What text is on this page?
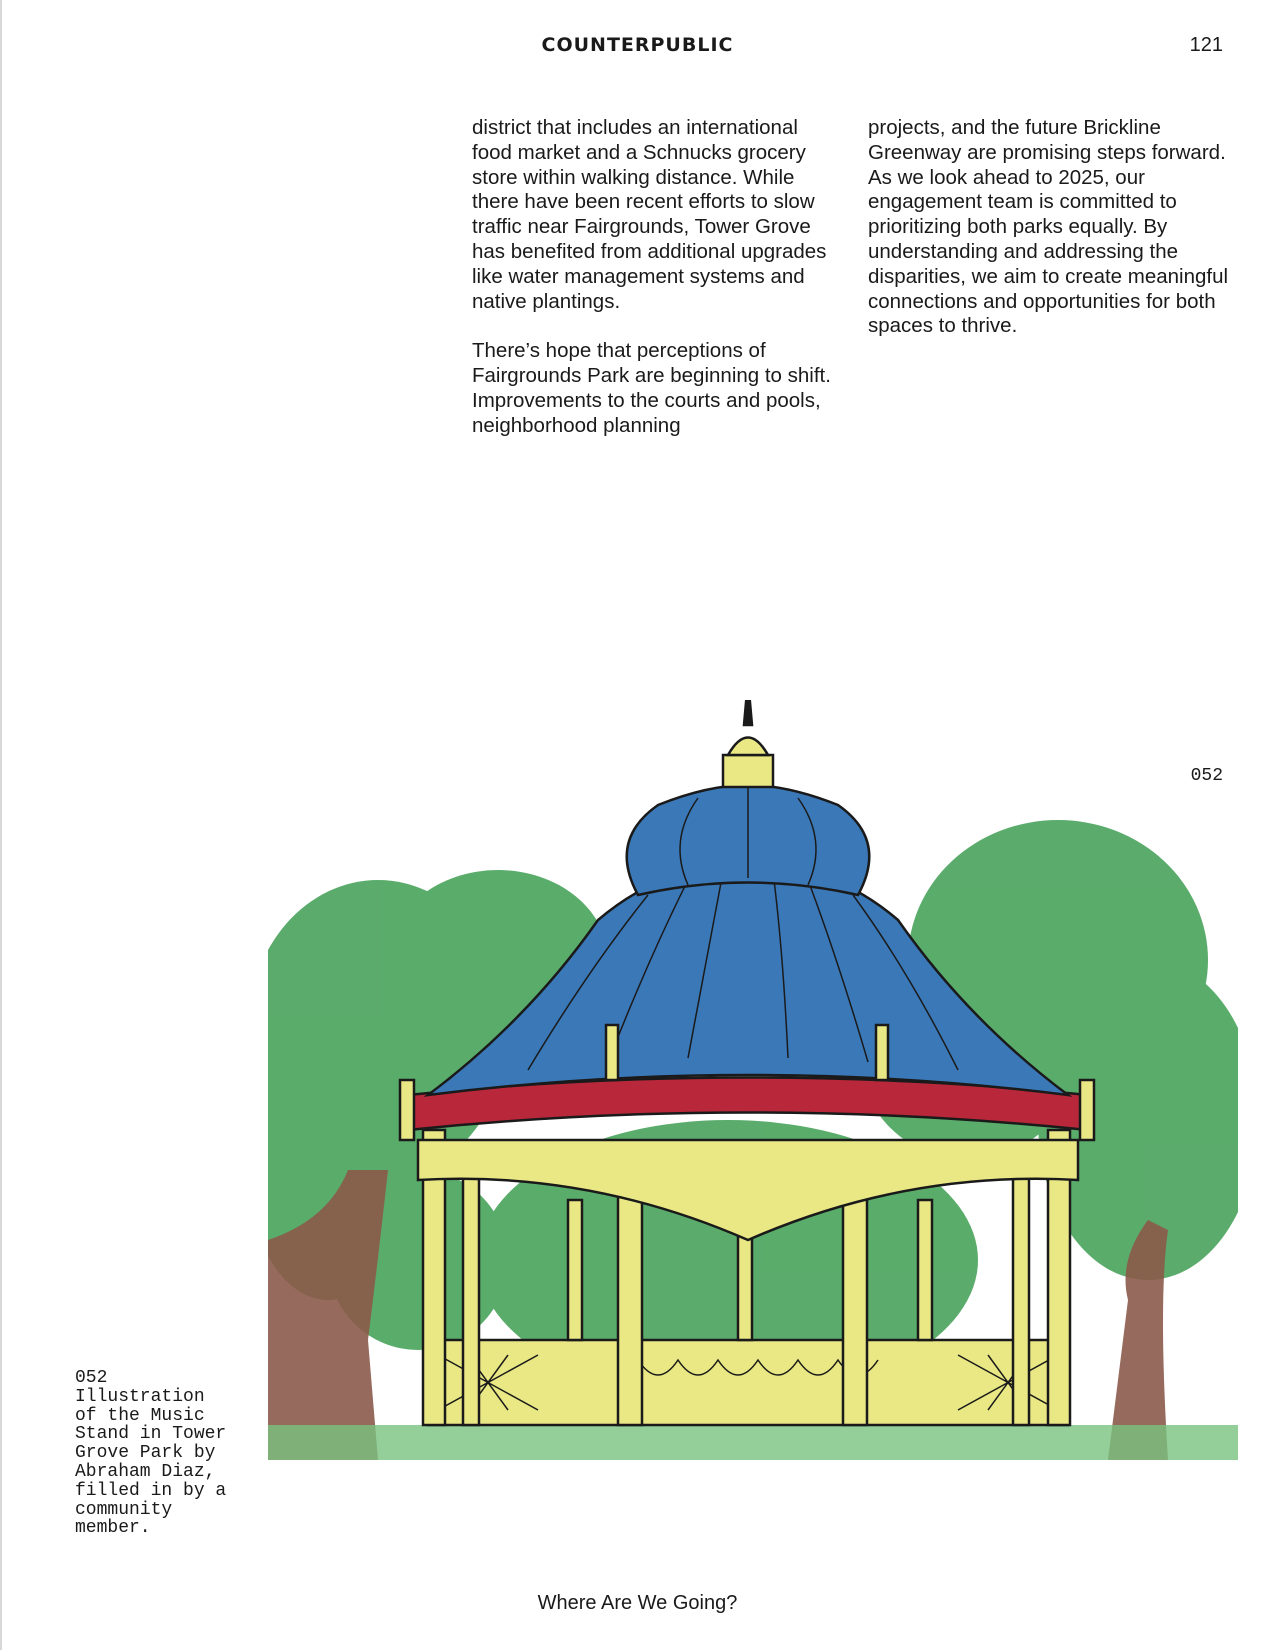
COUNTERPUBLIC	121

district that includes an international food market and a Schnucks grocery store within walking distance. While there have been recent efforts to slow traffic near Fairgrounds, Tower Grove has benefited from additional upgrades like water management systems and native plantings.

There’s hope that perceptions of Fairgrounds Park are beginning to shift. Improvements to the courts and pools, neighborhood planning

projects, and the future Brickline Greenway are promising steps forward. As we look ahead to 2025, our engagement team is committed to prioritizing both parks equally. By understanding and addressing the disparities, we aim to create meaningful connections and opportunities for both spaces to thrive.

052
052
Illustration
of the Music
Stand in Tower
Grove Park by
Abraham Diaz,
filled in by a
community
member.
Where Are We Going?
